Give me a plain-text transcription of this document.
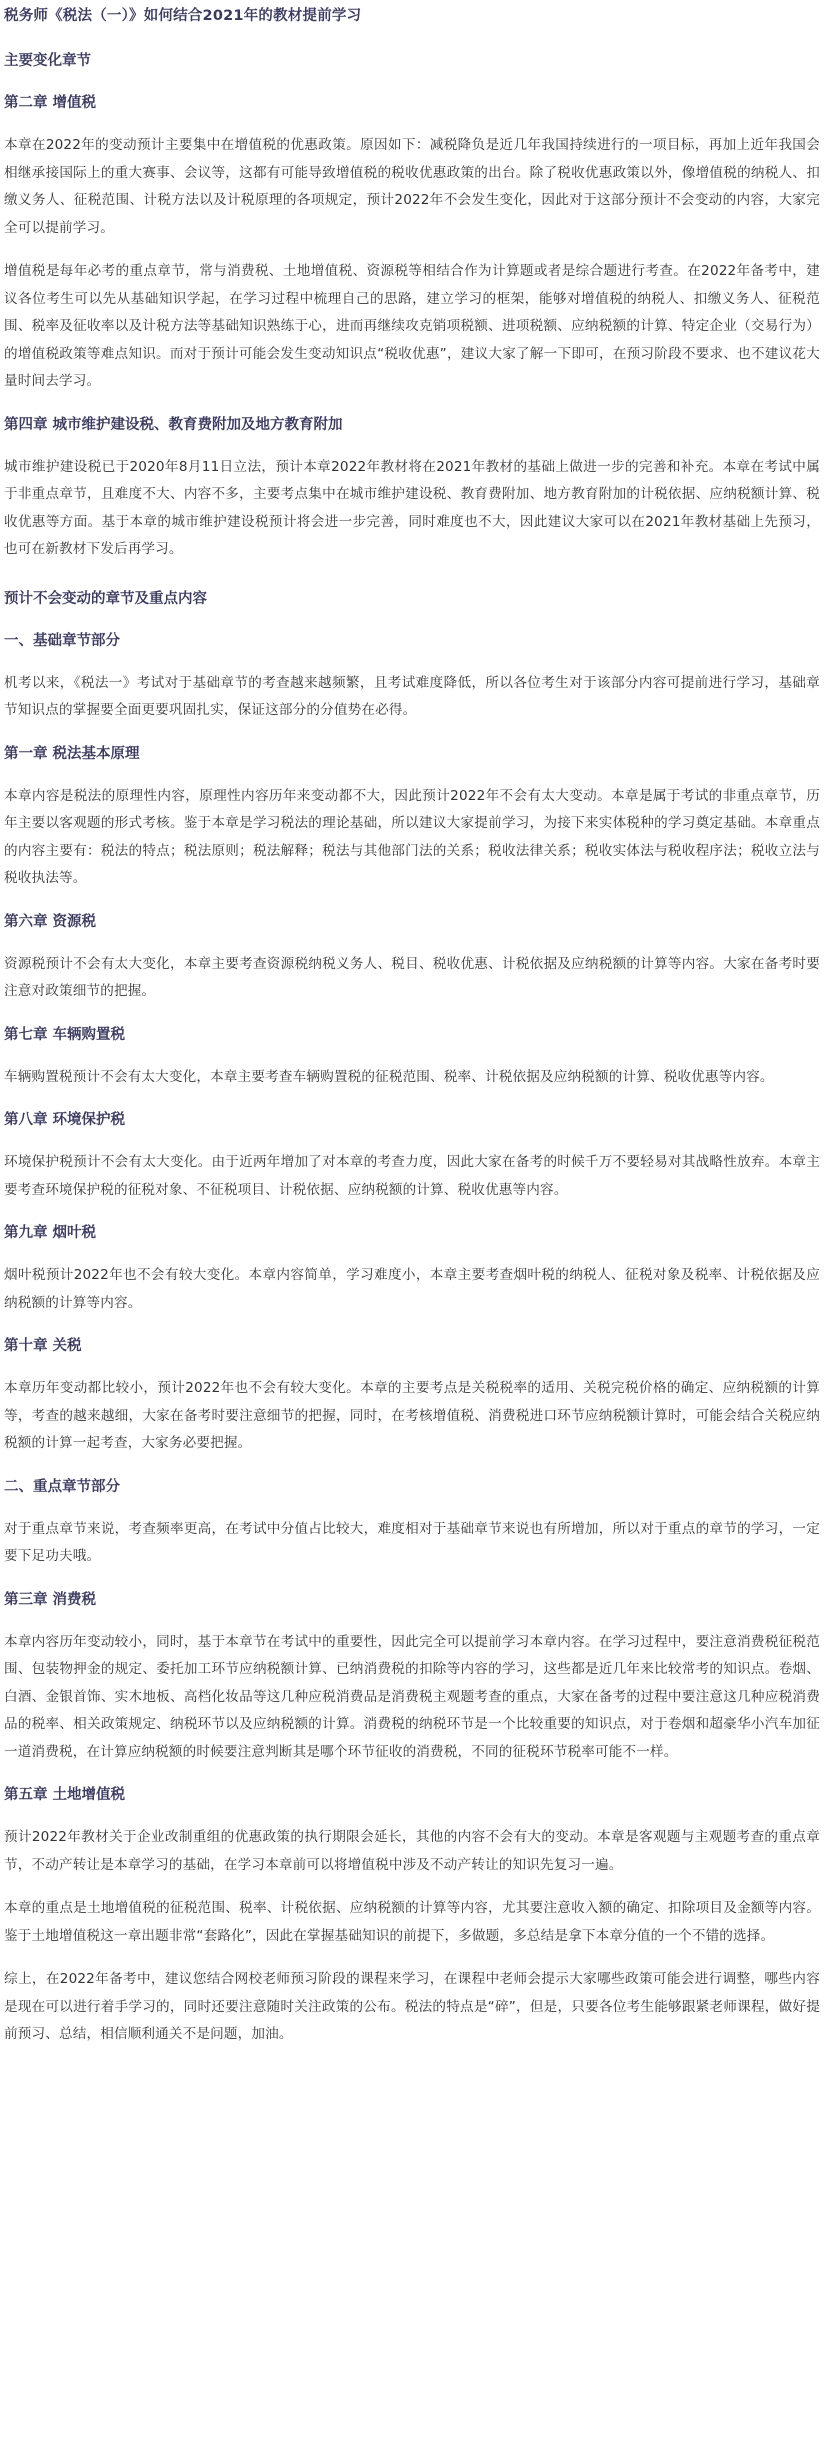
税务师《税法（一）》如何结合2021年的教材提前学习
主要变化章节
第二章 增值税

本章在2022年的变动预计主要集中在增值税的优惠政策。原因如下：减税降负是近几年我国持续进行的一项目标，再加上近年我国会相继承接国际上的重大赛事、会议等，这都有可能导致增值税的税收优惠政策的出台。除了税收优惠政策以外，像增值税的纳税人、扣缴义务人、征税范围、计税方法以及计税原理的各项规定，预计2022年不会发生变化，因此对于这部分预计不会变动的内容，大家完全可以提前学习。

增值税是每年必考的重点章节，常与消费税、土地增值税、资源税等相结合作为计算题或者是综合题进行考查。在2022年备考中，建议各位考生可以先从基础知识学起，在学习过程中梳理自己的思路，建立学习的框架，能够对增值税的纳税人、扣缴义务人、征税范围、税率及征收率以及计税方法等基础知识熟练于心，进而再继续攻克销项税额、进项税额、应纳税额的计算、特定企业（交易行为）的增值税政策等难点知识。而对于预计可能会发生变动知识点“税收优惠”，建议大家了解一下即可，在预习阶段不要求、也不建议花大量时间去学习。

第四章 城市维护建设税、教育费附加及地方教育附加

城市维护建设税已于2020年8月11日立法，预计本章2022年教材将在2021年教材的基础上做进一步的完善和补充。本章在考试中属于非重点章节，且难度不大、内容不多，主要考点集中在城市维护建设税、教育费附加、地方教育附加的计税依据、应纳税额计算、税收优惠等方面。基于本章的城市维护建设税预计将会进一步完善，同时难度也不大，因此建议大家可以在2021年教材基础上先预习，也可在新教材下发后再学习。

预计不会变动的章节及重点内容
一、基础章节部分

机考以来，《税法一》考试对于基础章节的考查越来越频繁，且考试难度降低，所以各位考生对于该部分内容可提前进行学习，基础章节知识点的掌握要全面更要巩固扎实，保证这部分的分值势在必得。

第一章 税法基本原理

本章内容是税法的原理性内容，原理性内容历年来变动都不大，因此预计2022年不会有太大变动。本章是属于考试的非重点章节，历年主要以客观题的形式考核。鉴于本章是学习税法的理论基础，所以建议大家提前学习，为接下来实体税种的学习奠定基础。本章重点的内容主要有：税法的特点；税法原则；税法解释；税法与其他部门法的关系；税收法律关系；税收实体法与税收程序法；税收立法与税收执法等。

第六章 资源税

资源税预计不会有太大变化，本章主要考查资源税纳税义务人、税目、税收优惠、计税依据及应纳税额的计算等内容。大家在备考时要注意对政策细节的把握。

第七章 车辆购置税

车辆购置税预计不会有太大变化，本章主要考查车辆购置税的征税范围、税率、计税依据及应纳税额的计算、税收优惠等内容。

第八章 环境保护税

环境保护税预计不会有太大变化。由于近两年增加了对本章的考查力度，因此大家在备考的时候千万不要轻易对其战略性放弃。本章主要考查环境保护税的征税对象、不征税项目、计税依据、应纳税额的计算、税收优惠等内容。

第九章 烟叶税

烟叶税预计2022年也不会有较大变化。本章内容简单，学习难度小，本章主要考查烟叶税的纳税人、征税对象及税率、计税依据及应纳税额的计算等内容。

第十章 关税

本章历年变动都比较小，预计2022年也不会有较大变化。本章的主要考点是关税税率的适用、关税完税价格的确定、应纳税额的计算等，考查的越来越细，大家在备考时要注意细节的把握，同时，在考核增值税、消费税进口环节应纳税额计算时，可能会结合关税应纳税额的计算一起考查，大家务必要把握。

二、重点章节部分

对于重点章节来说，考查频率更高，在考试中分值占比较大，难度相对于基础章节来说也有所增加，所以对于重点的章节的学习，一定要下足功夫哦。

第三章 消费税

本章内容历年变动较小，同时，基于本章节在考试中的重要性，因此完全可以提前学习本章内容。在学习过程中，要注意消费税征税范围、包装物押金的规定、委托加工环节应纳税额计算、已纳消费税的扣除等内容的学习，这些都是近几年来比较常考的知识点。卷烟、白酒、金银首饰、实木地板、高档化妆品等这几种应税消费品是消费税主观题考查的重点，大家在备考的过程中要注意这几种应税消费品的税率、相关政策规定、纳税环节以及应纳税额的计算。消费税的纳税环节是一个比较重要的知识点，对于卷烟和超豪华小汽车加征一道消费税，在计算应纳税额的时候要注意判断其是哪个环节征收的消费税，不同的征税环节税率可能不一样。

第五章 土地增值税

预计2022年教材关于企业改制重组的优惠政策的执行期限会延长，其他的内容不会有大的变动。本章是客观题与主观题考查的重点章节，不动产转让是本章学习的基础，在学习本章前可以将增值税中涉及不动产转让的知识先复习一遍。

本章的重点是土地增值税的征税范围、税率、计税依据、应纳税额的计算等内容，尤其要注意收入额的确定、扣除项目及金额等内容。鉴于土地增值税这一章出题非常“套路化”，因此在掌握基础知识的前提下，多做题，多总结是拿下本章分值的一个不错的选择。

综上，在2022年备考中，建议您结合网校老师预习阶段的课程来学习，在课程中老师会提示大家哪些政策可能会进行调整，哪些内容是现在可以进行着手学习的，同时还要注意随时关注政策的公布。税法的特点是“碎”，但是，只要各位考生能够跟紧老师课程，做好提前预习、总结，相信顺利通关不是问题，加油。
